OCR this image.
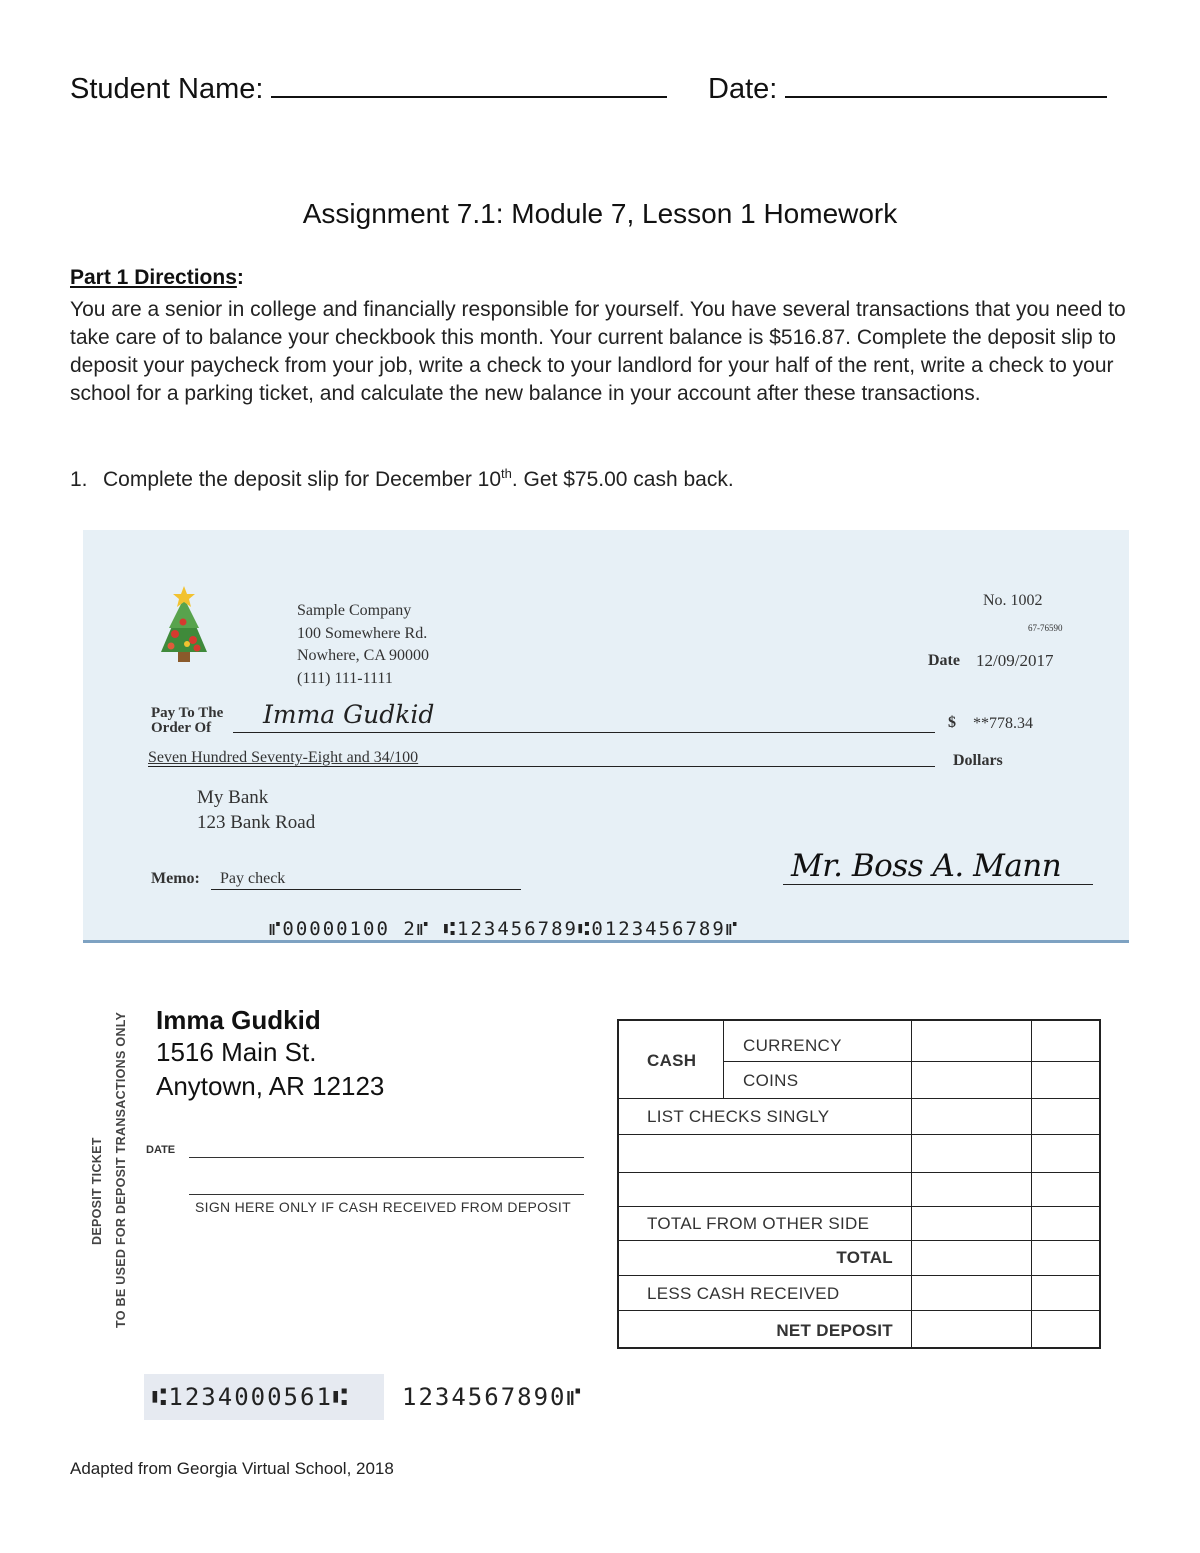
Student Name:	Date:
Assignment 7.1: Module 7, Lesson 1 Homework
Part 1 Directions:
You are a senior in college and financially responsible for yourself. You have several transactions that you need to take care of to balance your checkbook this month. Your current balance is $516.87. Complete the deposit slip to deposit your paycheck from your job, write a check to your landlord for your half of the rent, write a check to your school for a parking ticket, and calculate the new balance in your account after these transactions.
1. Complete the deposit slip for December 10th. Get $75.00 cash back.
Sample Company
100 Somewhere Rd.
Nowhere, CA 90000
(111) 111-1111
No. 1002
67-76590
Date 12/09/2017
Pay To The
Order Of	Imma Gudkid	$ **778.34
Seven Hundred Seventy-Eight and 34/100	Dollars
My Bank
123 Bank Road
Memo: Pay check	Mr. Boss A. Mann
⑈00000100 2⑈ ⑆123456789⑆0123456789⑈
DEPOSIT TICKET TO BE USED FOR DEPOSIT TRANSACTIONS ONLY Imma Gudkid
1516 Main St.
Anytown, AR 12123
DATE
SIGN HERE ONLY IF CASH RECEIVED FROM DEPOSIT
CASH
CURRENCY
COINS
LIST CHECKS SINGLY
TOTAL FROM OTHER SIDE
TOTAL
LESS CASH RECEIVED
NET DEPOSIT
⑆1234000561⑆ 1234567890⑈
Adapted from Georgia Virtual School, 2018
